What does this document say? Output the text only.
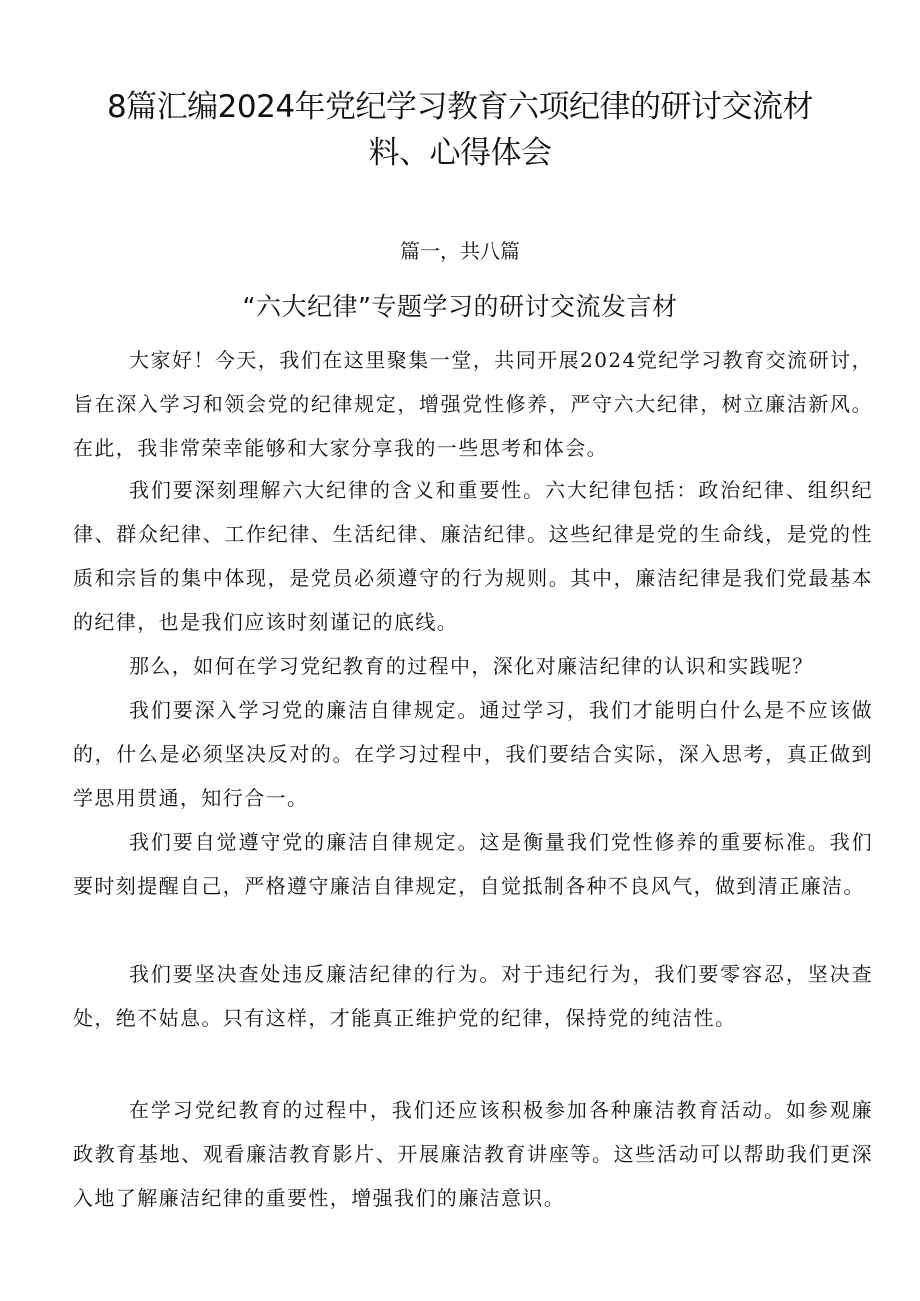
8篇汇编2024年党纪学习教育六项纪律的研讨交流材料、心得体会
篇一，共八篇
“六大纪律”专题学习的研讨交流发言材

大家好！今天，我们在这里聚集一堂，共同开展2024党纪学习教育交流研讨，旨在深入学习和领会党的纪律规定，增强党性修养，严守六大纪律，树立廉洁新风。在此，我非常荣幸能够和大家分享我的一些思考和体会。

我们要深刻理解六大纪律的含义和重要性。六大纪律包括：政治纪律、组织纪律、群众纪律、工作纪律、生活纪律、廉洁纪律。这些纪律是党的生命线，是党的性质和宗旨的集中体现，是党员必须遵守的行为规则。其中，廉洁纪律是我们党最基本的纪律，也是我们应该时刻谨记的底线。

那么，如何在学习党纪教育的过程中，深化对廉洁纪律的认识和实践呢？

我们要深入学习党的廉洁自律规定。通过学习，我们才能明白什么是不应该做的，什么是必须坚决反对的。在学习过程中，我们要结合实际，深入思考，真正做到学思用贯通，知行合一。

我们要自觉遵守党的廉洁自律规定。这是衡量我们党性修养的重要标准。我们要时刻提醒自己，严格遵守廉洁自律规定，自觉抵制各种不良风气，做到清正廉洁。

我们要坚决查处违反廉洁纪律的行为。对于违纪行为，我们要零容忍，坚决查处，绝不姑息。只有这样，才能真正维护党的纪律，保持党的纯洁性。

在学习党纪教育的过程中，我们还应该积极参加各种廉洁教育活动。如参观廉政教育基地、观看廉洁教育影片、开展廉洁教育讲座等。这些活动可以帮助我们更深入地了解廉洁纪律的重要性，增强我们的廉洁意识。
